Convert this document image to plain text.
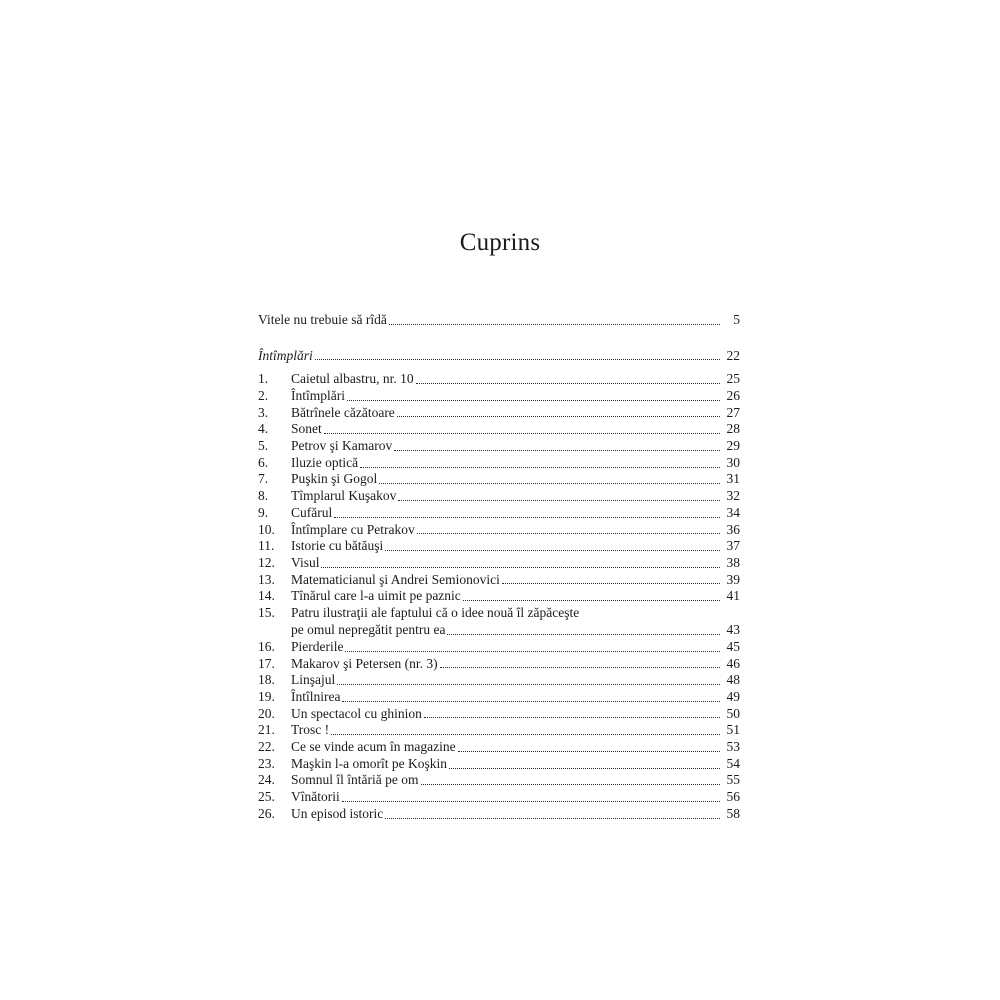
Cuprins
Vitele nu trebuie să rîdă	5
Întîmplări	22
1.	Caietul albastru, nr. 10	25
2.	Întîmplări	26
3.	Bătrînele căzătoare	27
4.	Sonet	28
5.	Petrov şi Kamarov	29
6.	Iluzie optică	30
7.	Puşkin şi Gogol	31
8.	Tîmplarul Kuşakov	32
9.	Cufărul	34
10.	Întîmplare cu Petrakov	36
11.	Istorie cu bătăuşi	37
12.	Visul	38
13.	Matematicianul şi Andrei Semionovici	39
14.	Tînărul care l-a uimit pe paznic	41
15.	Patru ilustraţii ale faptului că o idee nouă îl zăpăceşte
pe omul nepregătit pentru ea	43
16.	Pierderile	45
17.	Makarov şi Petersen (nr. 3)	46
18.	Linşajul	48
19.	Întîlnirea	49
20.	Un spectacol cu ghinion	50
21.	Trosc !	51
22.	Ce se vinde acum în magazine	53
23.	Maşkin l-a omorît pe Koşkin	54
24.	Somnul îl întăriă pe om	55
25.	Vînătorii	56
26.	Un episod istoric	58
